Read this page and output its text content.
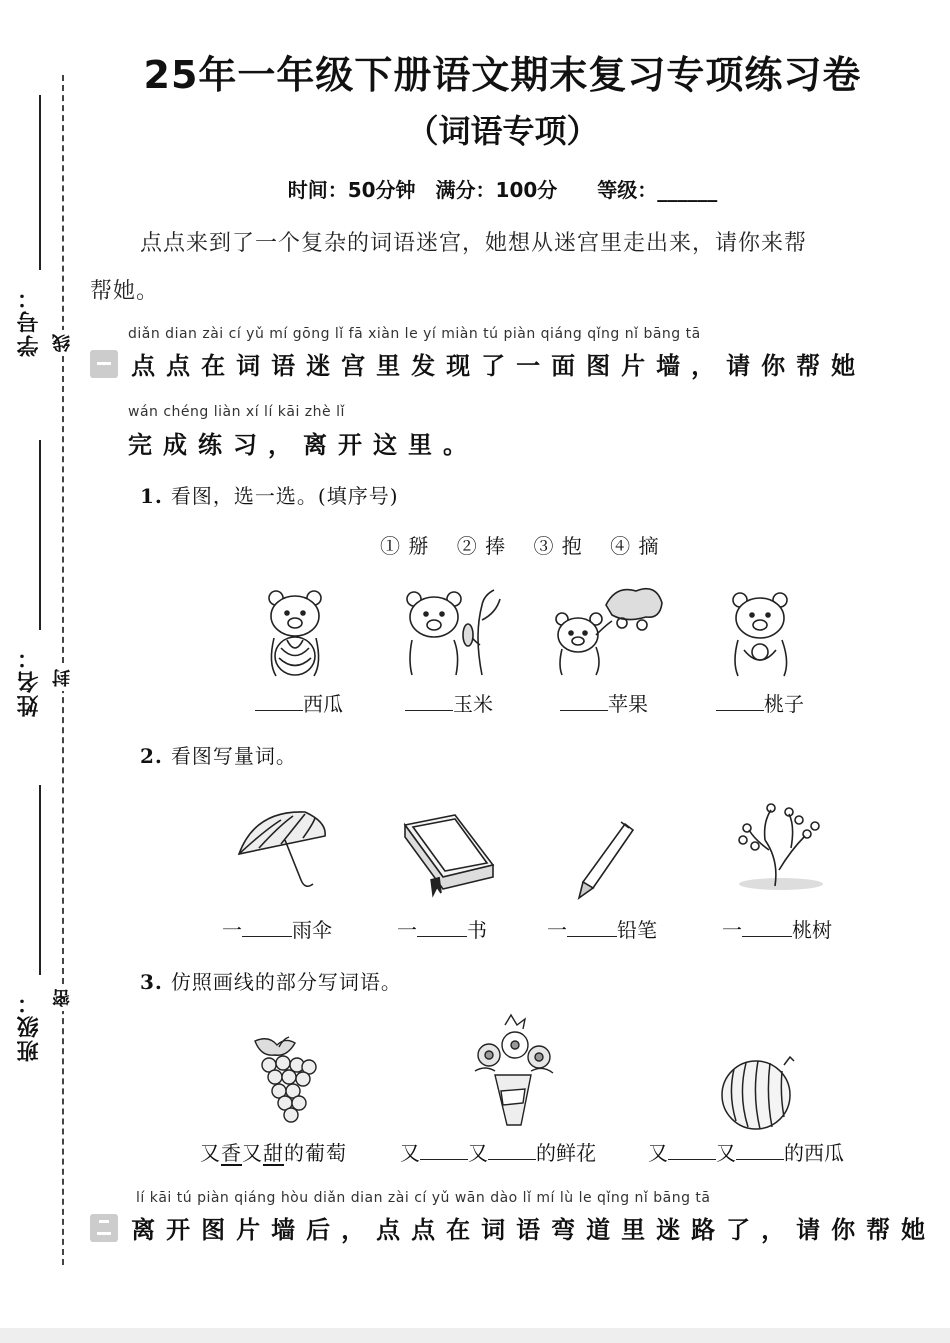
学号： 线
姓名： 封
班级： 密
25年一年级下册语文期末复习专项练习卷
（词语专项）
时间：50分钟　满分：100分　　等级：______
点点来到了一个复杂的词语迷宫，她想从迷宫里走出来，请你来帮
帮她。
diǎn dian zài cí yǔ mí gōng lǐ fā xiàn le yí miàn tú piàn qiáng qǐng nǐ bāng tā
点点在词语迷宫里发现了一面图片墙，请你帮她
wán chéng liàn xí lí kāi zhè lǐ
完成练习，离开这里。
1. 看图，选一选。(填序号)
① 掰 ② 捧 ③ 抱 ④ 摘
西瓜	玉米	苹果	桃子
2. 看图写量词。
一	雨伞	一	书	一	铅笔	一	桃树
3. 仿照画线的部分写词语。
又香又甜的葡萄	又 又 的鲜花	又 又 的西瓜
lí kāi tú piàn qiáng hòu diǎn dian zài cí yǔ wān dào lǐ mí lù le qǐng nǐ bāng tā
离开图片墙后，点点在词语弯道里迷路了，请你帮她
